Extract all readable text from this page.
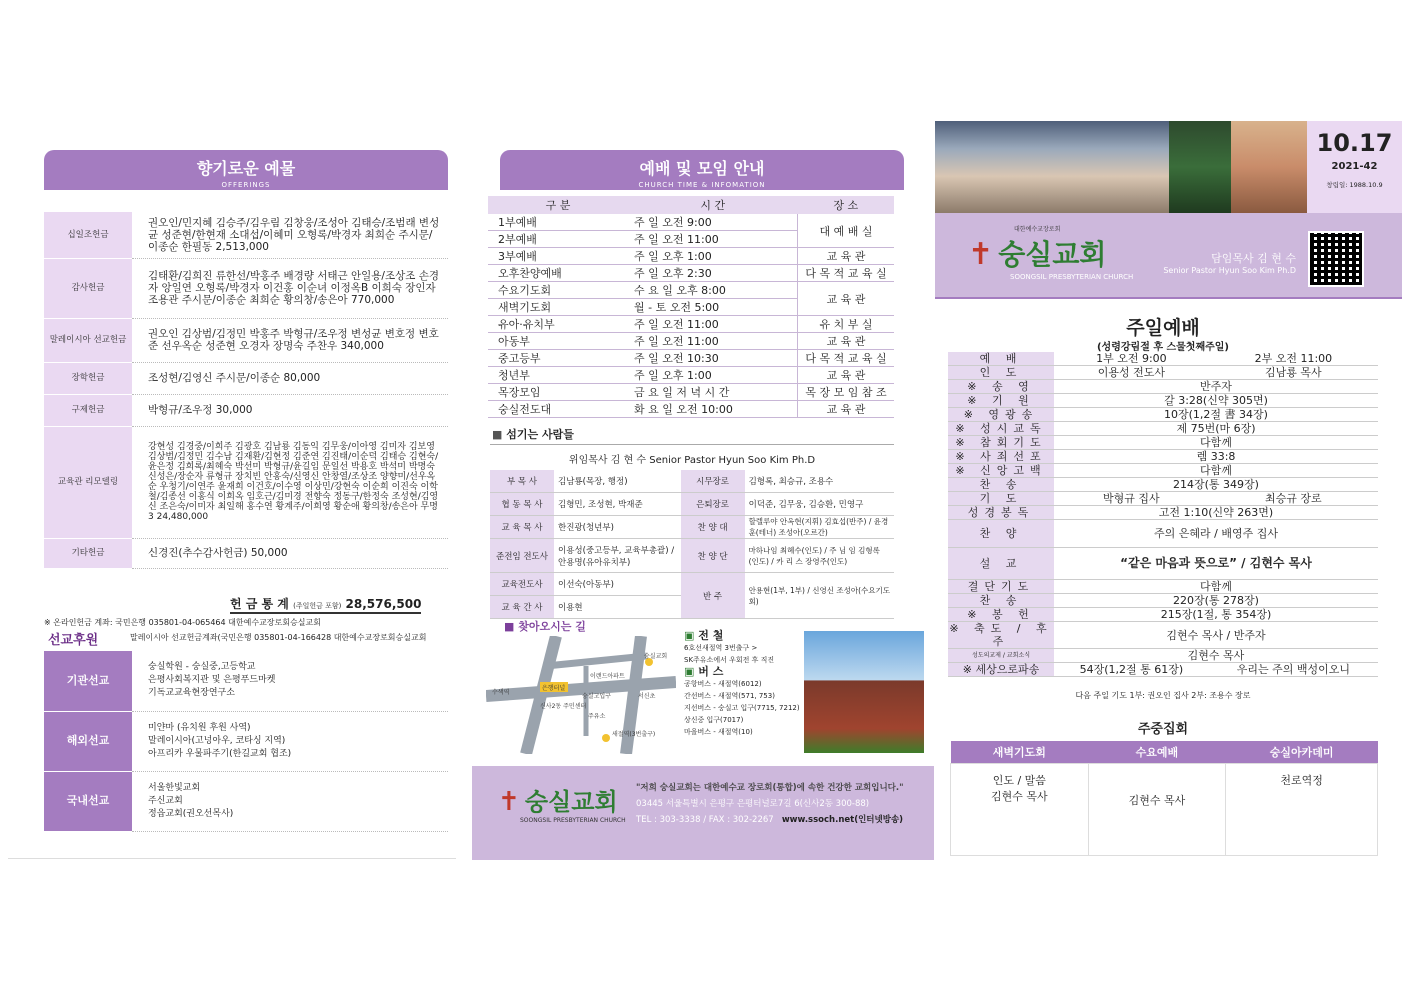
향기로운 예물
OFFERINGS
십일조헌금	권오인/민지혜 김승주/김우림 김창웅/조성아 김태승/조범래 변성균 성준현/한현재 소대섭/이혜미 오형록/박경자 최희순 주시문/이종순 한필동 2,513,000
감사헌금	김태환/김희진 류한선/박홍주 배경량 서태근 안일용/조상조 손경자 앙일연 오형록/박경자 이건홍 이순녀 이정옥B 이희숙 장인자 조용관 주시문/이종순 최희순 황의창/송은아 770,000
말레이시아 선교헌금	권오인 김상범/김정민 박홍주 박형규/조우정 변성균 변호정 변호준 선우옥순 성준현 오경자 장명숙 주찬우 340,000
장학헌금	조성현/김영신 주시문/이종순 80,000
구제헌금	박형규/조우정 30,000
교육관 리모델링	강현성 김경중/이희주 김광호 김남룡 김동익 김무웅/이아영 김미자 김보영 김상범/김정민 김수남 김재환/김현정 김준연 김진태/이순덕 김태승 김현숙/윤은정 김희록/최혜숙 박선미 박형규/윤길임 문일선 박용호 박석미 박명숙 신성은/장순자 류형규 장치빈 안홍숙/신영신 안창열/조상조 양향미/선우옥순 우청기/이연주 윤재희 이건호/이수영 이상민/강현숙 이순희 이진숙 이학철/김종선 이홍식 이희옥 임호근/김미경 전향숙 정동구/한정숙 조성현/김영신 조은숙/이미자 최일해 홍수연 황계주/이희영 황순애 황의창/송은아 무명 3 24,480,000
기타헌금	신경진(추수감사헌금) 50,000
헌 금 통 계 (주일헌금 포함) 28,576,500
※ 온라인헌금 계좌: 국민은행 035801-04-065464 대한예수교장로회승실교회
선교후원	말레이시아 선교헌금계좌(국민은행 035801-04-166428 대한예수교장로회승실교회
기관선교	숭실학원 - 숭실중,고등학교
은평사회복지관 및 은평푸드마켓
기독교교육현장연구소

해외선교	미얀마 (유치원 후원 사역)
말레이시아(고넝아우, 코타싱 지역)
아프리카 우물파주기(한길교회 협조)

국내선교	서울한빛교회
주신교회
정읍교회(권오선목사)
예배 및 모임 안내
CHURCH TIME & INFOMATION
구 분	시 간	장 소
1부예배	주 일 오전 9:00	대 예 배 실
2부예배	주 일 오전 11:00	
3부예배	주 일 오후 1:00	교 육 관
오후찬양예배	주 일 오후 2:30	다 목 적 교 육 실
수요기도회	수 요 일 오후 8:00	교 육 관
새벽기도회	월 - 토 오전 5:00	
유아·유치부	주 일 오전 11:00	유 치 부 실
아동부	주 일 오전 11:00	교 육 관
중고등부	주 일 오전 10:30	다 목 적 교 육 실
청년부	주 일 오후 1:00	교 육 관
목장모임	금 요 일 저 녁 시 간	목 장 모 임 참 조
숭실전도대	화 요 일 오전 10:00	교 육 관
■ 섬기는 사람들
위임목사 김 현 수 Senior Pastor Hyun Soo Kim Ph.D
부 목 사	김남룡(목장, 행정)	시무장로	김형록, 최승규, 조용수
협 동 목 사	김형민, 조성현, 박재준	은퇴장로	이덕준, 김무웅, 김승환, 민영구
교 육 목 사	한진광(청년부)	찬 양 대	할렐루야 안옥현(지휘) 김효섭(반주) / 윤경훈(테너) 조성아(오르간)
준전임 전도사	이용성(중고등부, 교육부총괄) / 안용명(유아유치부)	찬 양 단	마하나임 최혜수(인도) / 주 님 임 김형록(인도) / 카 리 스 장영주(인도)
교육전도사	이선숙(아동부)	반 주	안용현(1부, 1부) / 신영신 조성아(수요기도회)
교 육 간 사	이용현		
■ 찾아오시는 길
이랜드아파트
숭실교회
수색역
은행터널
숭실고입구	서신초
신사2동 주민센터
주유소
새절역(3번출구)
▣ 전 철
6호선새절역 3번출구 >
SK주유소에서 우회전 후 직진
▣ 버 스
공항버스 - 새절역(6012)
간선버스 - 새절역(571, 753)
지선버스 - 숭실고 입구(7715, 7212)
상신중 입구(7017)
마을버스 - 새절역(10)
✝ 숭실교회
SOONGSIL PRESBYTERIAN CHURCH
"저희 숭실교회는 대한예수교 장로회(통합)에 속한 건강한 교회입니다."
03445 서울특별시 은평구 은평터널로7길 6(신사2동 300-88)
TEL : 303-3338 / FAX : 302-2267 www.ssoch.net(인터넷방송)
10.17
2021-42
창립일: 1988.10.9
대한예수교장로회
✝ 숭실교회
SOONGSIL PRESBYTERIAN CHURCH
담임목사 김 현 수
Senior Pastor Hyun Soo Kim Ph.D
주일예배
(성령강림절 후 스물첫째주일)
예 배	1부 오전 9:00	2부 오전 11:00
인 도	이용성 전도사	김남룡 목사
※ 송 영	반주자	
※ 기 원	갈 3:28(신약 305면)	
※ 영광송	10장(1,2절 書 34장)	
※ 성시교독	제 75번(마 6장)	
※ 참회기도	다함께	
※ 사죄선포	렘 33:8	
※ 신앙고백	다함께	
찬 송	214장(통 349장)	
기 도	박형규 집사	최승규 장로
성경봉독	고전 1:10(신약 263면)	
찬 양	주의 은혜라 / 배영주 집사	
설 교	“같은 마음과 뜻으로” / 김현수 목사	
결단기도	다함께	
찬 송	220장(통 278장)	
※ 봉 헌	215장(1절, 통 354장)	
※ 축도 / 후주	김현수 목사 / 반주자	
성도의교제 / 교회소식	김현수 목사	
※ 세상으로파송	54장(1,2절 통 61장)	우리는 주의 백성이오니
다음 주일 기도 1부: 권오인 집사 2부: 조용수 장로
주중집회
새벽기도회	수요예배	숭실아카데미
인도 / 말씀
김현수 목사	김현수 목사	천로역정
